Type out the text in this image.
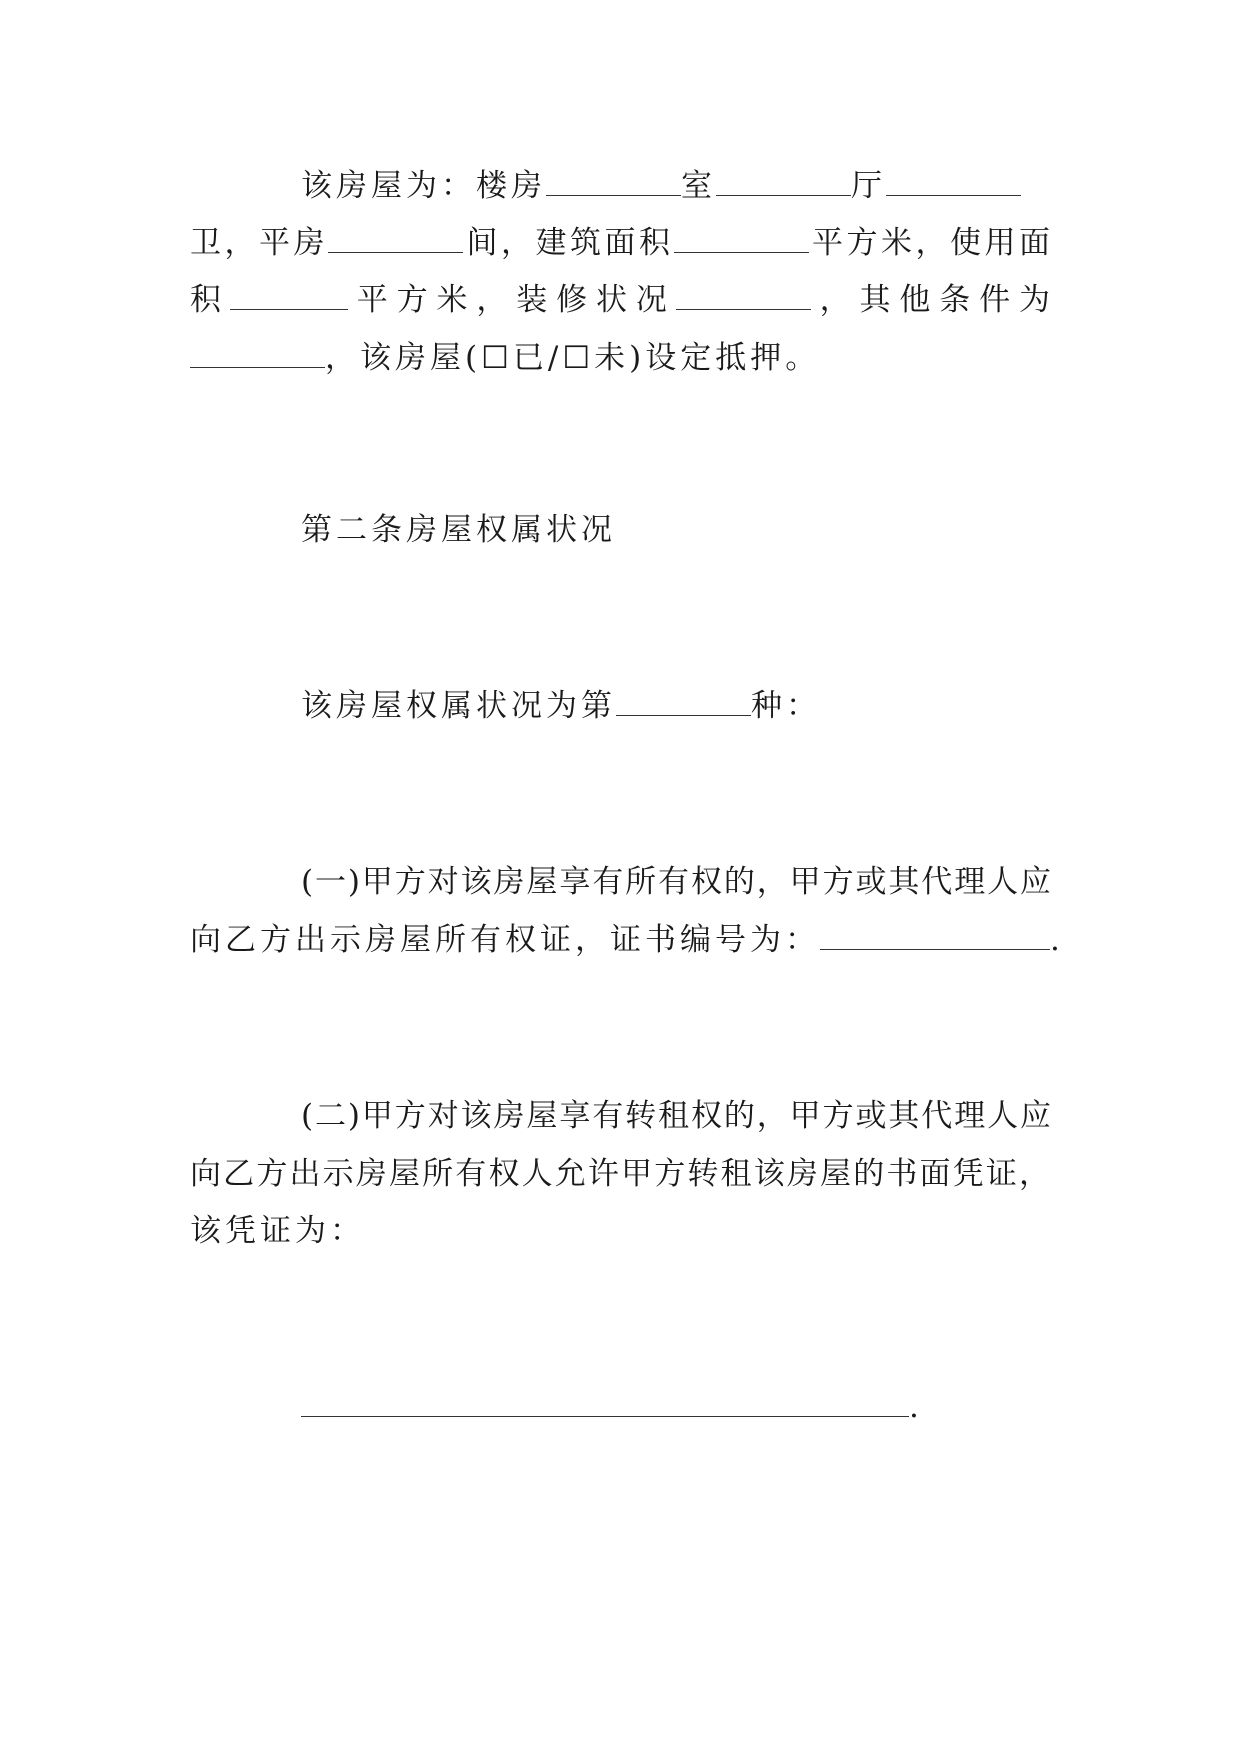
该房屋为：楼房	室	厅
卫，平房	间，建筑面积	平方米，使用面
积	平方米，装修状况	，其他条件为
，该房屋(☐已/☐未)设定抵押。
第二条房屋权属状况
该房屋权属状况为第	种：
(一)甲方对该房屋享有所有权的，甲方或其代理人应
向乙方出示房屋所有权证，证书编号为：	.
(二)甲方对该房屋享有转租权的，甲方或其代理人应
向乙方出示房屋所有权人允许甲方转租该房屋的书面凭证，
该凭证为：
.
